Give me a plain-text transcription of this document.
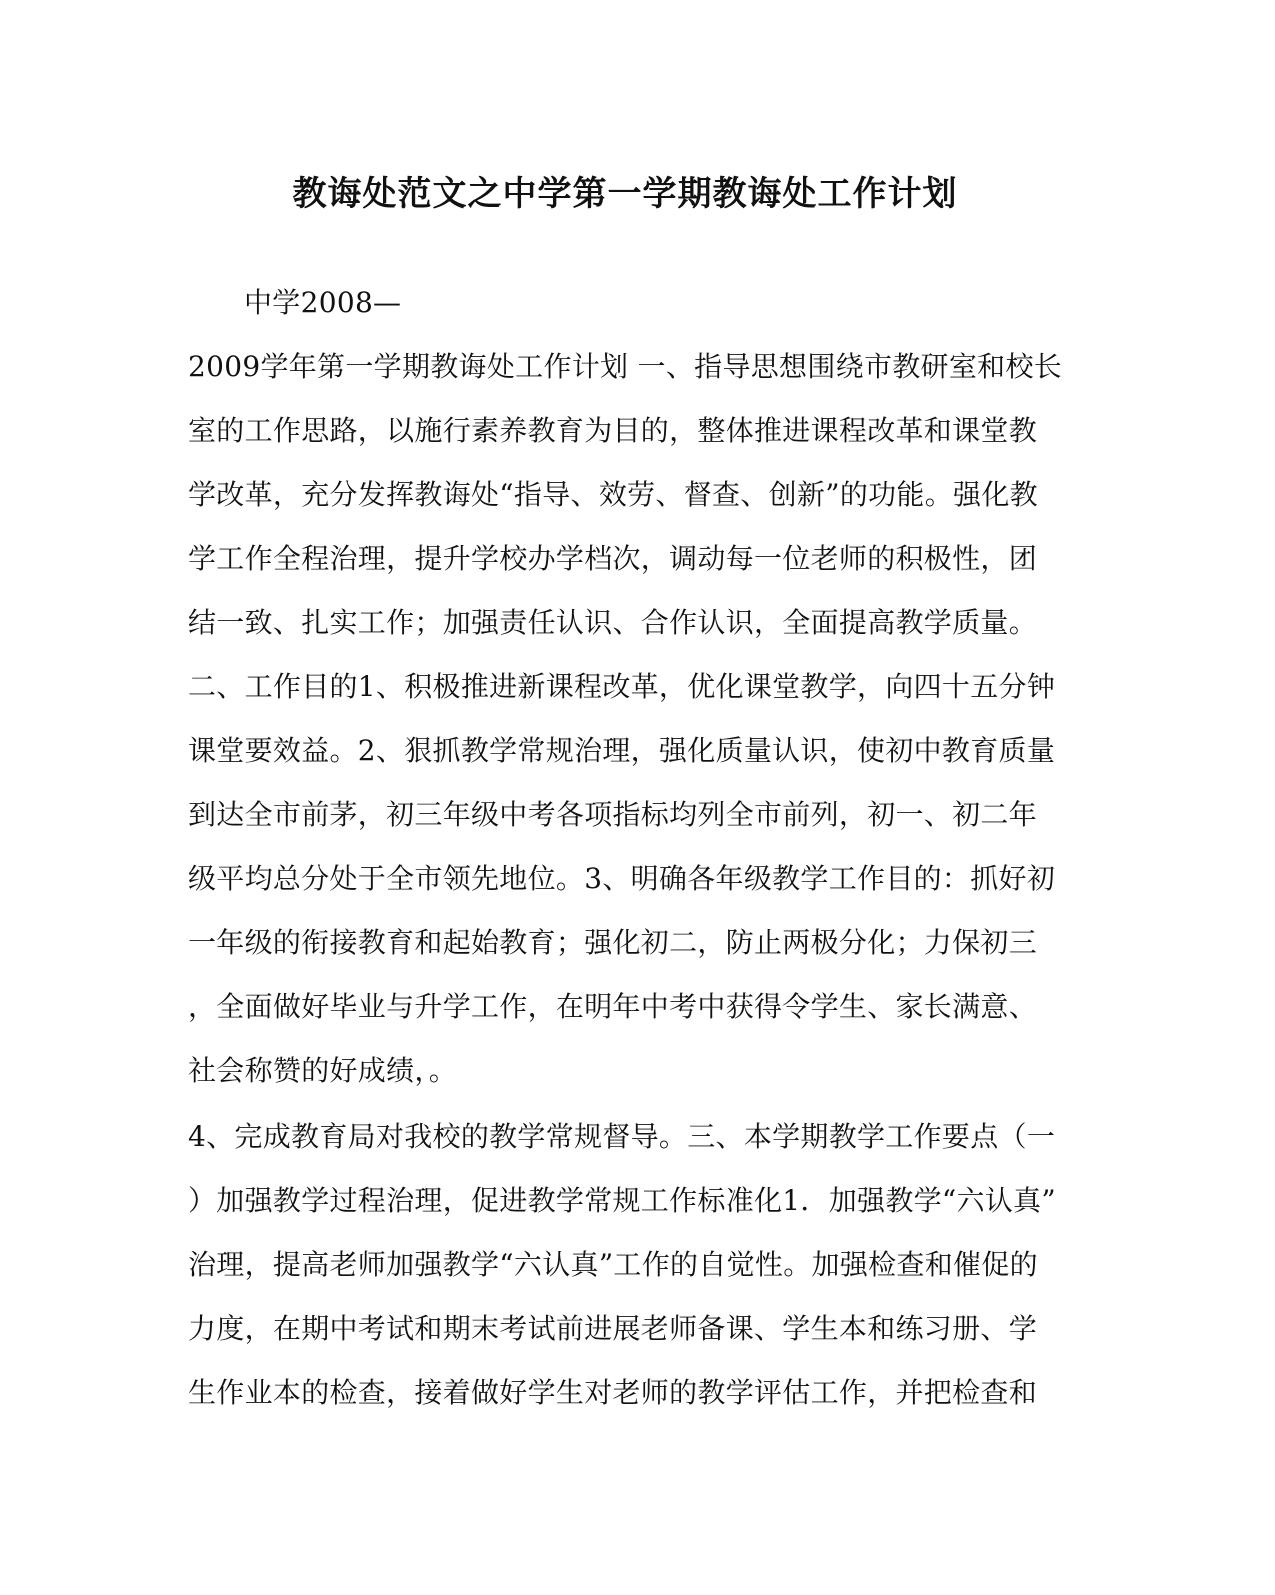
教诲处范文之中学第一学期教诲处工作计划
中学2008—
2009学年第一学期教诲处工作计划 一、指导思想围绕市教研室和校长
室的工作思路，以施行素养教育为目的，整体推进课程改革和课堂教
学改革，充分发挥教诲处“指导、效劳、督查、创新”的功能。强化教
学工作全程治理，提升学校办学档次，调动每一位老师的积极性，团
结一致、扎实工作；加强责任认识、合作认识，全面提高教学质量。
二、工作目的1、积极推进新课程改革，优化课堂教学，向四十五分钟
课堂要效益。2、狠抓教学常规治理，强化质量认识，使初中教育质量
到达全市前茅，初三年级中考各项指标均列全市前列，初一、初二年
级平均总分处于全市领先地位。3、明确各年级教学工作目的：抓好初
一年级的衔接教育和起始教育；强化初二，防止两极分化；力保初三
，全面做好毕业与升学工作，在明年中考中获得令学生、家长满意、
社会称赞的好成绩，。
4、完成教育局对我校的教学常规督导。三、本学期教学工作要点（一
）加强教学过程治理，促进教学常规工作标准化1．加强教学“六认真”
治理，提高老师加强教学“六认真”工作的自觉性。加强检查和催促的
力度，在期中考试和期末考试前进展老师备课、学生本和练习册、学
生作业本的检查，接着做好学生对老师的教学评估工作，并把检查和
